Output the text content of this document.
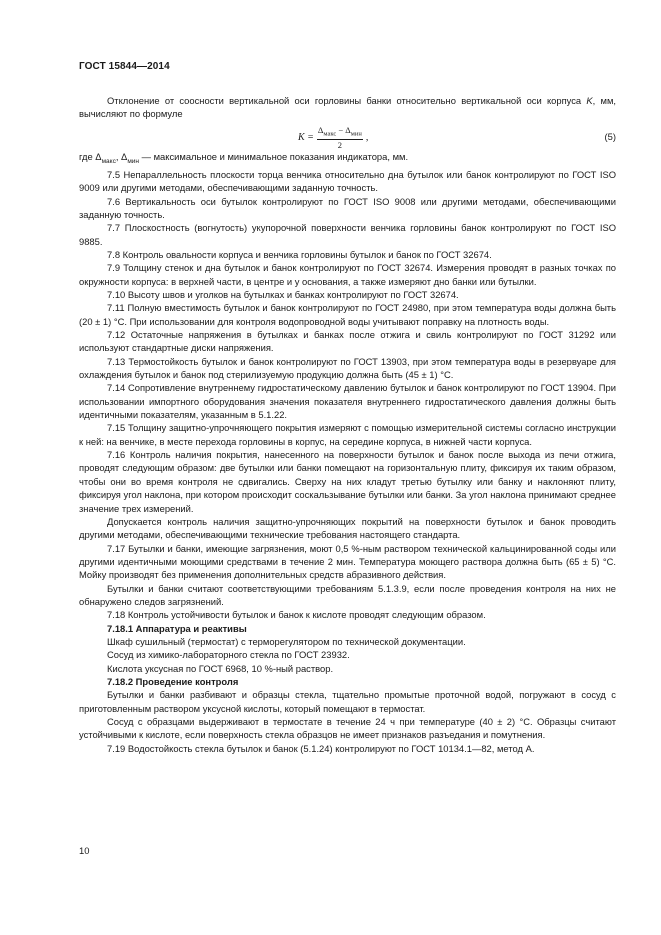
ГОСТ 15844—2014

Отклонение от соосности вертикальной оси горловины банки относительно вертикальной оси корпуса K, мм, вычисляют по формуле

$K = \frac{\Delta_{макс} - \Delta_{мин}}{2}$ ,	(5)

где $\Delta_{макс}$, $\Delta_{мин}$ — максимальное и минимальное показания индикатора, мм.

7.5 Непараллельность плоскости торца венчика относительно дна бутылок или банок контролируют по ГОСТ ISO 9009 или другими методами, обеспечивающими заданную точность.

7.6 Вертикальность оси бутылок контролируют по ГОСТ ISO 9008 или другими методами, обеспечивающими заданную точность.

7.7 Плоскостность (вогнутость) укупорочной поверхности венчика горловины банок контролируют по ГОСТ ISO 9885.

7.8 Контроль овальности корпуса и венчика горловины бутылок и банок по ГОСТ 32674.

7.9 Толщину стенок и дна бутылок и банок контролируют по ГОСТ 32674. Измерения проводят в разных точках по окружности корпуса: в верхней части, в центре и у основания, а также измеряют дно банки или бутылки.

7.10 Высоту швов и уголков на бутылках и банках контролируют по ГОСТ 32674.

7.11 Полную вместимость бутылок и банок контролируют по ГОСТ 24980, при этом температура воды должна быть (20 ± 1) °С. При использовании для контроля водопроводной воды учитывают поправку на плотность воды.

7.12 Остаточные напряжения в бутылках и банках после отжига и свиль контролируют по ГОСТ 31292 или используют стандартные диски напряжения.

7.13 Термостойкость бутылок и банок контролируют по ГОСТ 13903, при этом температура воды в резервуаре для охлаждения бутылок и банок под стерилизуемую продукцию должна быть (45 ± 1) °С.

7.14 Сопротивление внутреннему гидростатическому давлению бутылок и банок контролируют по ГОСТ 13904. При использовании импортного оборудования значения показателя внутреннего гидростатического давления должны быть идентичными показателям, указанным в 5.1.22.

7.15 Толщину защитно-упрочняющего покрытия измеряют с помощью измерительной системы согласно инструкции к ней: на венчике, в месте перехода горловины в корпус, на середине корпуса, в нижней части корпуса.

7.16 Контроль наличия покрытия, нанесенного на поверхности бутылок и банок после выхода из печи отжига, проводят следующим образом: две бутылки или банки помещают на горизонтальную плиту, фиксируя их таким образом, чтобы они во время контроля не сдвигались. Сверху на них кладут третью бутылку или банку и наклоняют плиту, фиксируя угол наклона, при котором происходит соскальзывание бутылки или банки. За угол наклона принимают среднее значение трех измерений.

Допускается контроль наличия защитно-упрочняющих покрытий на поверхности бутылок и банок проводить другими методами, обеспечивающими технические требования настоящего стандарта.

7.17 Бутылки и банки, имеющие загрязнения, моют 0,5 %-ным раствором технической кальцинированной соды или другими идентичными моющими средствами в течение 2 мин. Температура моющего раствора должна быть (65 ± 5) °С. Мойку производят без применения дополнительных средств абразивного действия.

Бутылки и банки считают соответствующими требованиям 5.1.3.9, если после проведения контроля на них не обнаружено следов загрязнений.

7.18 Контроль устойчивости бутылок и банок к кислоте проводят следующим образом.

7.18.1 Аппаратура и реактивы

Шкаф сушильный (термостат) с терморегулятором по технической документации.

Сосуд из химико-лабораторного стекла по ГОСТ 23932.

Кислота уксусная по ГОСТ 6968, 10 %-ный раствор.

7.18.2 Проведение контроля

Бутылки и банки разбивают и образцы стекла, тщательно промытые проточной водой, погружают в сосуд с приготовленным раствором уксусной кислоты, который помещают в термостат.

Сосуд с образцами выдерживают в термостате в течение 24 ч при температуре (40 ± 2) °С. Образцы считают устойчивыми к кислоте, если поверхность стекла образцов не имеет признаков разъедания и помутнения.

7.19 Водостойкость стекла бутылок и банок (5.1.24) контролируют по ГОСТ 10134.1—82, метод А.

10
